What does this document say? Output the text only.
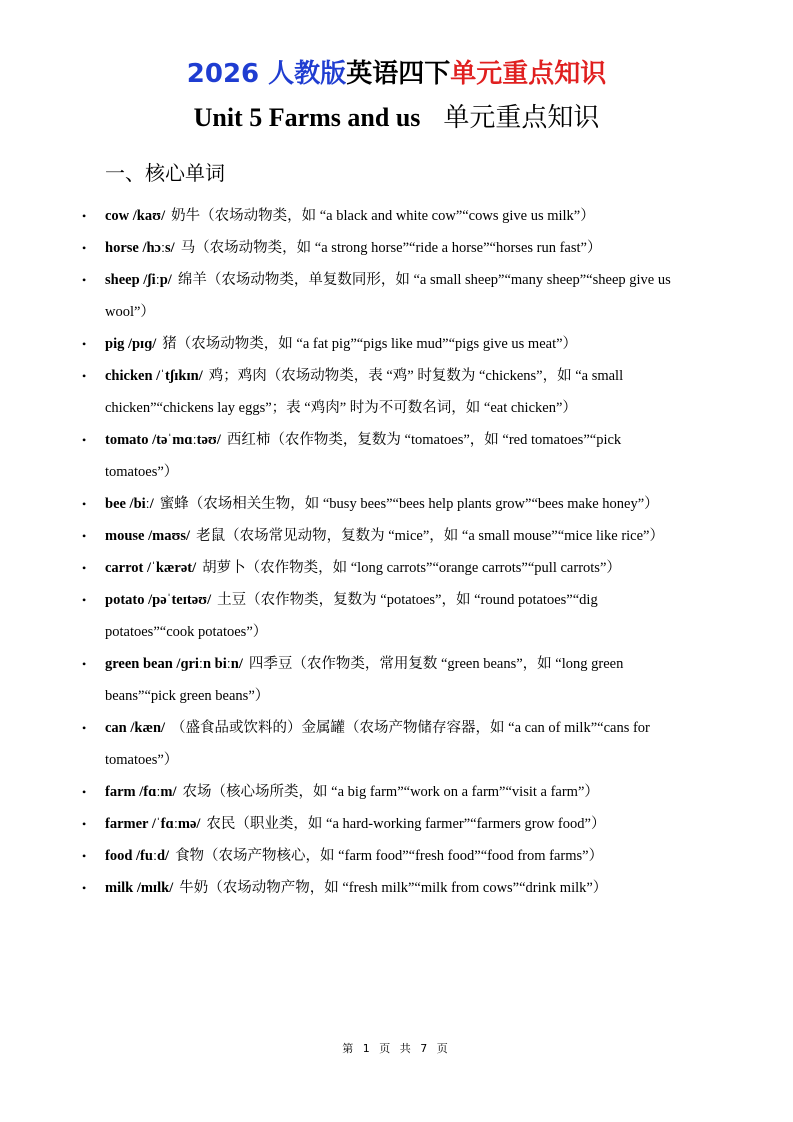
2026 人教版英语四下单元重点知识
Unit 5 Farms and us 单元重点知识
一、核心单词
• cow /kaʊ/ 奶牛（农场动物类，如 “a black and white cow”“cows give us milk”）
• horse /hɔːs/ 马（农场动物类，如 “a strong horse”“ride a horse”“horses run fast”）
• sheep /ʃiːp/ 绵羊（农场动物类，单复数同形，如 “a small sheep”“many sheep”“sheep give us wool”）
• pig /pɪɡ/ 猪（农场动物类，如 “a fat pig”“pigs like mud”“pigs give us meat”）
• chicken /ˈtʃɪkɪn/ 鸡；鸡肉（农场动物类，表 “鸡” 时复数为 “chickens”，如 “a small chicken”“chickens lay eggs”；表 “鸡肉” 时为不可数名词，如 “eat chicken”）
• tomato /təˈmɑːtəʊ/ 西红柿（农作物类，复数为 “tomatoes”，如 “red tomatoes”“pick tomatoes”）
• bee /biː/ 蜜蜂（农场相关生物，如 “busy bees”“bees help plants grow”“bees make honey”）
• mouse /maʊs/ 老鼠（农场常见动物，复数为 “mice”，如 “a small mouse”“mice like rice”）
• carrot /ˈkærət/ 胡萝卜（农作物类，如 “long carrots”“orange carrots”“pull carrots”）
• potato /pəˈteɪtəʊ/ 土豆（农作物类，复数为 “potatoes”，如 “round potatoes”“dig potatoes”“cook potatoes”）
• green bean /ɡriːn biːn/ 四季豆（农作物类，常用复数 “green beans”，如 “long green beans”“pick green beans”）
• can /kæn/ （盛食品或饮料的）金属罐（农场产物储存容器，如 “a can of milk”“cans for tomatoes”）
• farm /fɑːm/ 农场（核心场所类，如 “a big farm”“work on a farm”“visit a farm”）
• farmer /ˈfɑːmə/ 农民（职业类，如 “a hard-working farmer”“farmers grow food”）
• food /fuːd/ 食物（农场产物核心，如 “farm food”“fresh food”“food from farms”）
• milk /mɪlk/ 牛奶（农场动物产物，如 “fresh milk”“milk from cows”“drink milk”）
第 1 页 共 7 页
